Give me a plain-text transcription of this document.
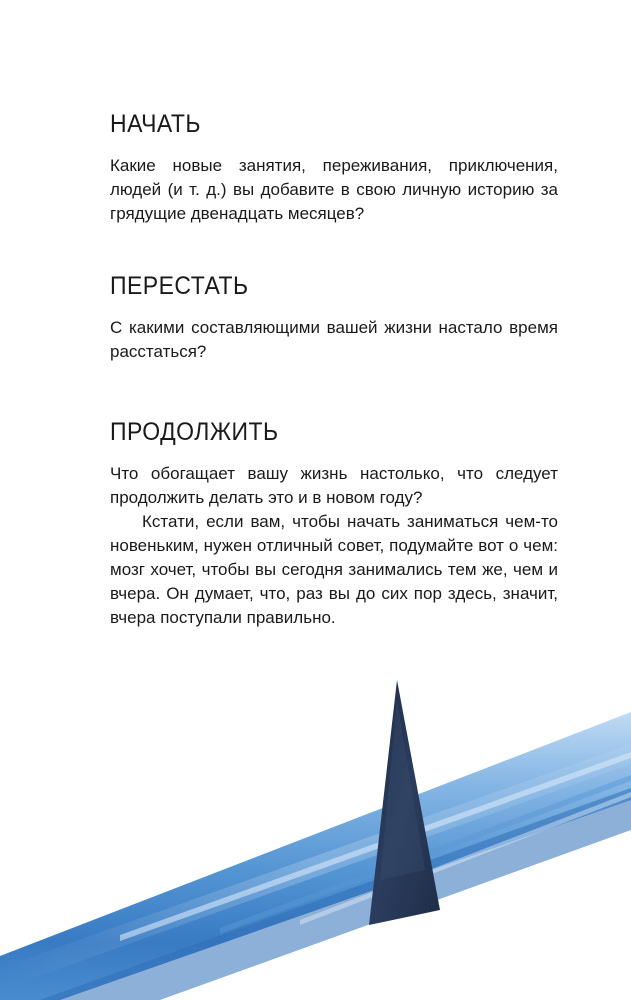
НАЧАТЬ

Какие новые занятия, переживания, приключения, людей (и т. д.) вы добавите в свою личную историю за грядущие двенадцать месяцев?

ПЕРЕСТАТЬ

С какими составляющими вашей жизни настало время расстаться?

ПРОДОЛЖИТЬ

Что обогащает вашу жизнь настолько, что следует продолжить делать это и в новом году?

Кстати, если вам, чтобы начать заниматься чем-то новеньким, нужен отличный совет, подумайте вот о чем: мозг хочет, чтобы вы сегодня занимались тем же, чем и вчера. Он думает, что, раз вы до сих пор здесь, значит, вчера поступали правильно.
